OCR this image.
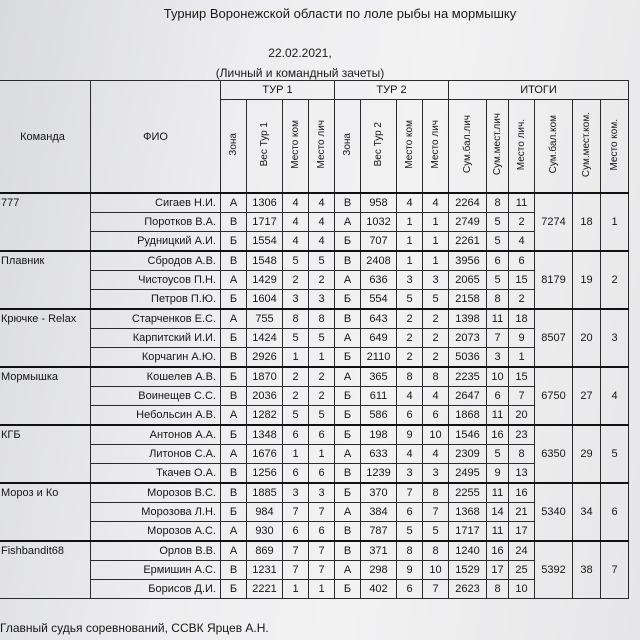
Турнир Воронежской области по лоле рыбы на мормышку
22.02.2021,
(Личный и командный зачеты)
Команда	ФИО	ТУР 1				ТУР 2				ИТОГИ					
		Зона	Вес Тур 1	Место ком	Место лич	Зона	Вес Тур 2	Место ком	Место лич	Сум.бал.лич	Сум.мест.лич	Место лич.	Сум.бал.ком	Сум.мест.ком.	Место ком.
777	Сигаев Н.И.	А	1306	4	4	В	958	4	4	2264	8	11	7274	18	1
	Поротков В.А.	В	1717	4	4	А	1032	1	1	2749	5	2			
	Рудницкий А.И.	Б	1554	4	4	Б	707	1	1	2261	5	4			
Плавник	Сбродов А.В.	В	1548	5	5	В	2408	1	1	3956	6	6	8179	19	2
	Чистоусов П.Н.	А	1429	2	2	А	636	3	3	2065	5	15			
	Петров П.Ю.	Б	1604	3	3	Б	554	5	5	2158	8	2			
Крючке - Relax	Старченков Е.С.	А	755	8	8	В	643	2	2	1398	11	18	8507	20	3
	Карпитский И.И.	Б	1424	5	5	А	649	2	2	2073	7	9			
	Корчагин А.Ю.	В	2926	1	1	Б	2110	2	2	5036	3	1			
Мормышка	Кошелев А.В.	Б	1870	2	2	А	365	8	8	2235	10	15	6750	27	4
	Воинещев С.С.	В	2036	2	2	Б	611	4	4	2647	6	7			
	Небольсин А.В.	А	1282	5	5	Б	586	6	6	1868	11	20			
КГБ	Антонов А.А.	Б	1348	6	6	Б	198	9	10	1546	16	23	6350	29	5
	Литонов С.А.	А	1676	1	1	А	633	4	4	2309	5	8			
	Ткачев О.А.	В	1256	6	6	В	1239	3	3	2495	9	13			
Мороз и Ко	Морозов В.С.	В	1885	3	3	Б	370	7	8	2255	11	16	5340	34	6
	Морозова Л.Н.	Б	984	7	7	А	384	6	7	1368	14	21			
	Морозов А.С.	А	930	6	6	В	787	5	5	1717	11	17			
Fishbandit68	Орлов В.В.	А	869	7	7	В	371	8	8	1240	16	24	5392	38	7
	Ермишин А.С.	В	1231	7	7	А	298	9	10	1529	17	25			
	Борисов Д.И.	Б	2221	1	1	Б	402	6	7	2623	8	10			
Главный судья соревнований, ССВК Ярцев А.Н.
